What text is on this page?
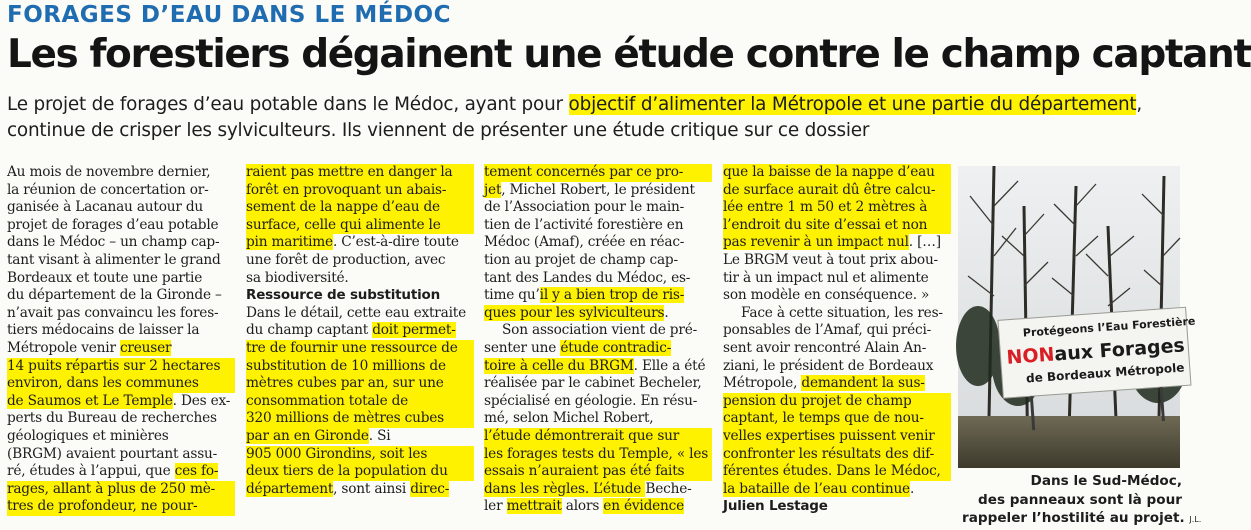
FORAGES D’EAU DANS LE MÉDOC
Les forestiers dégainent une étude contre le champ captant
Le projet de forages d’eau potable dans le Médoc, ayant pour objectif d’alimenter la Métropole et une partie du département,
continue de crisper les sylviculteurs. Ils viennent de présenter une étude critique sur ce dossier
Au mois de novembre dernier,
la réunion de concertation or-
ganisée à Lacanau autour du
projet de forages d’eau potable
dans le Médoc – un champ cap-
tant visant à alimenter le grand
Bordeaux et toute une partie
du département de la Gironde –
n’avait pas convaincu les fores-
tiers médocains de laisser la
Métropole venir creuser
14 puits répartis sur 2 hectares
environ, dans les communes
de Saumos et Le Temple. Des ex-
perts du Bureau de recherches
géologiques et minières
(BRGM) avaient pourtant assu-
ré, études à l’appui, que ces fo-
rages, allant à plus de 250 mè-
tres de profondeur, ne pour-
raient pas mettre en danger la
forêt en provoquant un abais-
sement de la nappe d’eau de
surface, celle qui alimente le
pin maritime. C’est-à-dire toute
une forêt de production, avec
sa biodiversité.
Ressource de substitution
Dans le détail, cette eau extraite
du champ captant doit permet-
tre de fournir une ressource de
substitution de 10 millions de
mètres cubes par an, sur une
consommation totale de
320 millions de mètres cubes
par an en Gironde. Si
905 000 Girondins, soit les
deux tiers de la population du
département, sont ainsi direc-
tement concernés par ce pro-
jet, Michel Robert, le président
de l’Association pour le main-
tien de l’activité forestière en
Médoc (Amaf), créée en réac-
tion au projet de champ cap-
tant des Landes du Médoc, es-
time qu’il y a bien trop de ris-
ques pour les sylviculteurs.
Son association vient de pré-
senter une étude contradic-
toire à celle du BRGM. Elle a été
réalisée par le cabinet Becheler,
spécialisé en géologie. En résu-
mé, selon Michel Robert,
l’étude démontrerait que sur
les forages tests du Temple, « les
essais n’auraient pas été faits
dans les règles. L’étude Beche-
ler mettrait alors en évidence
que la baisse de la nappe d’eau
de surface aurait dû être calcu-
lée entre 1 m 50 et 2 mètres à
l’endroit du site d’essai et non
pas revenir à un impact nul. […]
Le BRGM veut à tout prix abou-
tir à un impact nul et alimente
son modèle en conséquence. »
Face à cette situation, les res-
ponsables de l’Amaf, qui préci-
sent avoir rencontré Alain An-
ziani, le président de Bordeaux
Métropole, demandent la sus-
pension du projet de champ
captant, le temps que de nou-
velles expertises puissent venir
confronter les résultats des dif-
férentes études. Dans le Médoc,
la bataille de l’eau continue.
Julien Lestage
Protégeons l’Eau Forestière
NON
aux Forages
de Bordeaux Métropole
Dans le Sud-Médoc,
des panneaux sont là pour
rappeler l’hostilité au projet. J.L.
